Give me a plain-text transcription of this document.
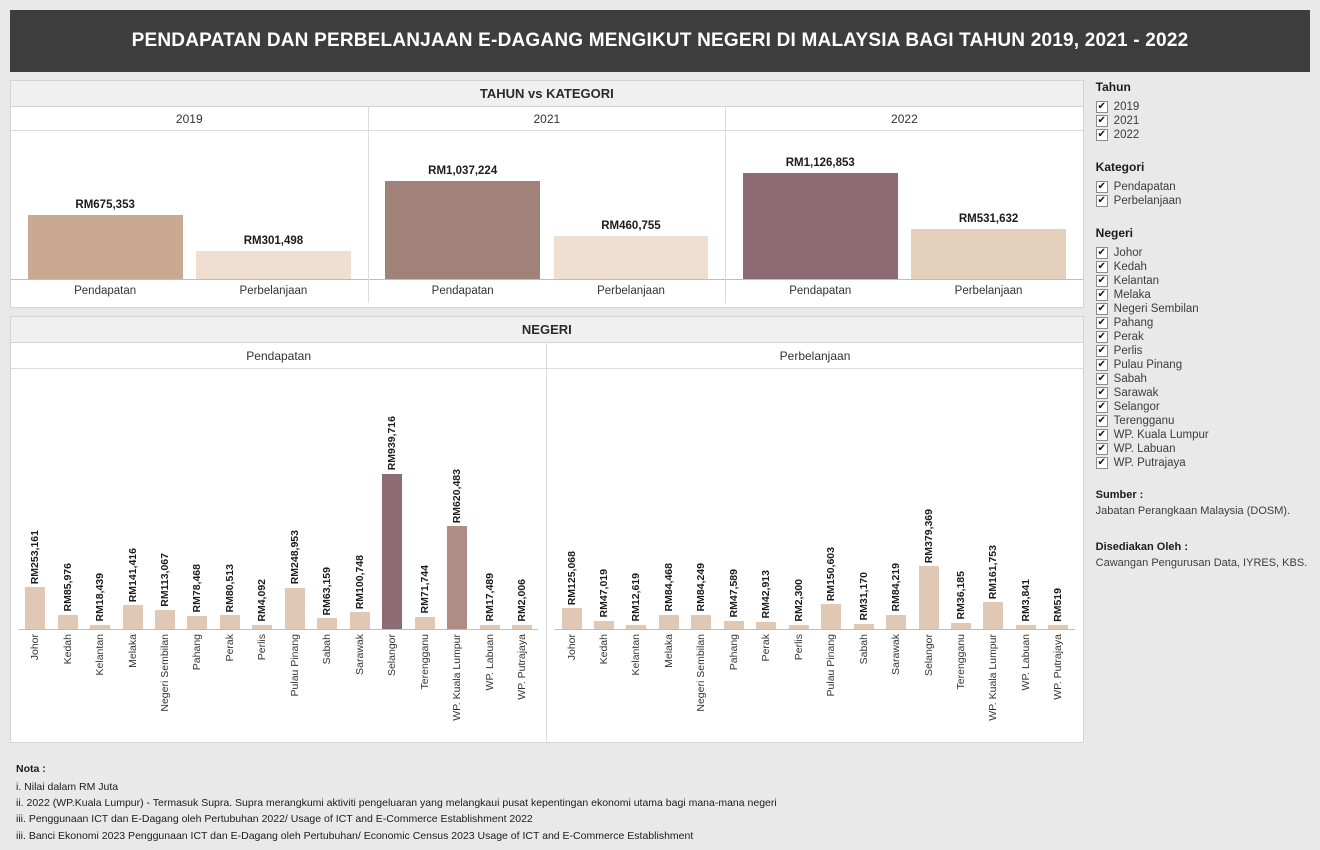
PENDAPATAN DAN PERBELANJAAN E-DAGANG MENGIKUT NEGERI DI MALAYSIA BAGI TAHUN 2019, 2021 - 2022
TAHUN vs KATEGORI
2019
RM675,353
RM301,498
Pendapatan	Perbelanjaan
2021
RM1,037,224
RM460,755
Pendapatan	Perbelanjaan
2022
RM1,126,853
RM531,632
Pendapatan	Perbelanjaan
NEGERI
Pendapatan
RM253,161
RM85,976 RM18,439 RM141,416 RM113,067 RM78,468 RM80,513 RM4,092
RM248,953
RM63,159 RM100,748
RM939,716
RM71,744
RM620,483
RM17,489 RM2,006
Johor Kedah Kelantan Melaka Negeri Sembilan Pahang Perak Perlis Pulau Pinang Sabah Sarawak Selangor Terengganu WP. Kuala Lumpur WP. Labuan WP. Putrajaya
Perbelanjaan
RM125,068 RM47,019 RM12,619 RM84,468 RM84,249 RM47,589 RM42,913 RM2,300 RM150,603 RM31,170 RM84,219
RM379,369
RM36,185 RM161,753
RM3,841 RM519
Johor Kedah Kelantan Melaka Negeri Sembilan Pahang Perak Perlis Pulau Pinang Sabah Sarawak Selangor Terengganu WP. Kuala Lumpur WP. Labuan WP. Putrajaya
Nota :
i. Nilai dalam RM Juta
ii. 2022 (WP.Kuala Lumpur) - Termasuk Supra. Supra merangkumi aktiviti pengeluaran yang melangkaui pusat kepentingan ekonomi utama bagi mana-mana negeri
iii. Penggunaan ICT dan E-Dagang oleh Pertubuhan 2022/ Usage of ICT and E-Commerce Establishment 2022
iii. Banci Ekonomi 2023 Penggunaan ICT dan E-Dagang oleh Pertubuhan/ Economic Census 2023 Usage of ICT and E-Commerce Establishment
Tahun
✔ 2019
✔ 2021
✔ 2022
Kategori
✔ Pendapatan
✔ Perbelanjaan
Negeri
✔ Johor
✔ Kedah
✔ Kelantan
✔ Melaka
✔ Negeri Sembilan
✔ Pahang
✔ Perak
✔ Perlis
✔ Pulau Pinang
✔ Sabah
✔ Sarawak
✔ Selangor
✔ Terengganu
✔ WP. Kuala Lumpur
✔ WP. Labuan
✔ WP. Putrajaya
Sumber :
Jabatan Perangkaan Malaysia (DOSM).
Disediakan Oleh :
Cawangan Pengurusan Data, IYRES, KBS.
